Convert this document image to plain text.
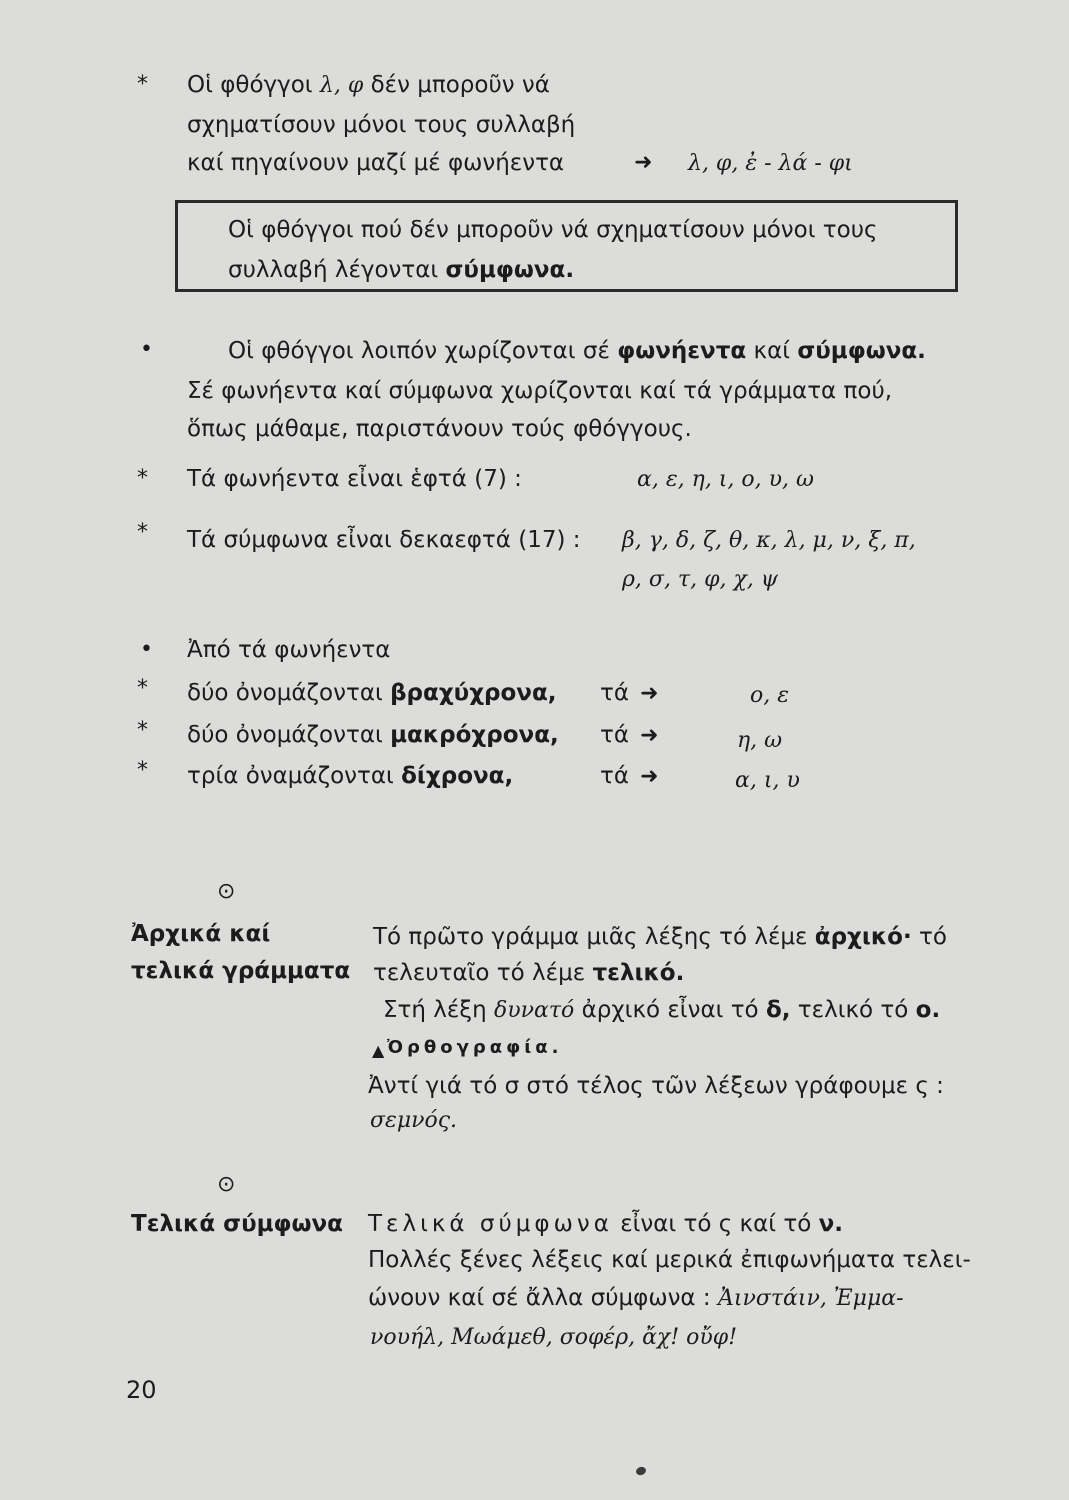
* Οἱ φθόγγοι λ, φ δέν μποροῦν νά
σχηματίσουν μόνοι τους συλλαβή
καί πηγαίνουν μαζί μέ φωνήεντα	➜ λ, φ, ἐ - λά - φι
Οἱ φθόγγοι πού δέν μποροῦν νά σχηματίσουν μόνοι τους
συλλαβή λέγονται σύμφωνα.
•	Οἱ φθόγγοι λοιπόν χωρίζονται σέ φωνήεντα καί σύμφωνα.
Σέ φωνήεντα καί σύμφωνα χωρίζονται καί τά γράμματα πού,
ὅπως μάθαμε, παριστάνουν τούς φθόγγους.
* Τά φωνήεντα εἶναι ἑφτά (7) :	α, ε, η, ι, ο, υ, ω
* Τά σύμφωνα εἶναι δεκαεφτά (17) : β, γ, δ, ζ, θ, κ, λ, μ, ν, ξ, π,
ρ, σ, τ, φ, χ, ψ
• Ἀπό τά φωνήεντα
* δύο ὀνομάζονται βραχύχρονα, τά ➜	ο, ε
* δύο ὀνομάζονται μακρόχρονα, τά ➜	η, ω
* τρία ὀναμάζονται δίχρονα,	τά ➜	α, ι, υ
⊙
Ἀρχικά καί
τελικά γράμματα
Τό πρῶτο γράμμα μιᾶς λέξης τό λέμε ἀρχικό· τό
τελευταῖο τό λέμε τελικό.
Στή λέξη δυνατό ἀρχικό εἶναι τό δ, τελικό τό ο.
▲ Ὀρθογραφία.
Ἀντί γιά τό σ στό τέλος τῶν λέξεων γράφουμε ς :
σεμνός.
⊙
Τελικά σύμφωνα Τελικά σύμφωνα εἶναι τό ς καί τό ν.
Πολλές ξένες λέξεις καί μερικά ἐπιφωνήματα τελει-
ώνουν καί σέ ἄλλα σύμφωνα : Ἀινστάιν, Ἐμμα-
νουήλ, Μωάμεθ, σοφέρ, ἄχ! οὔφ!
20
